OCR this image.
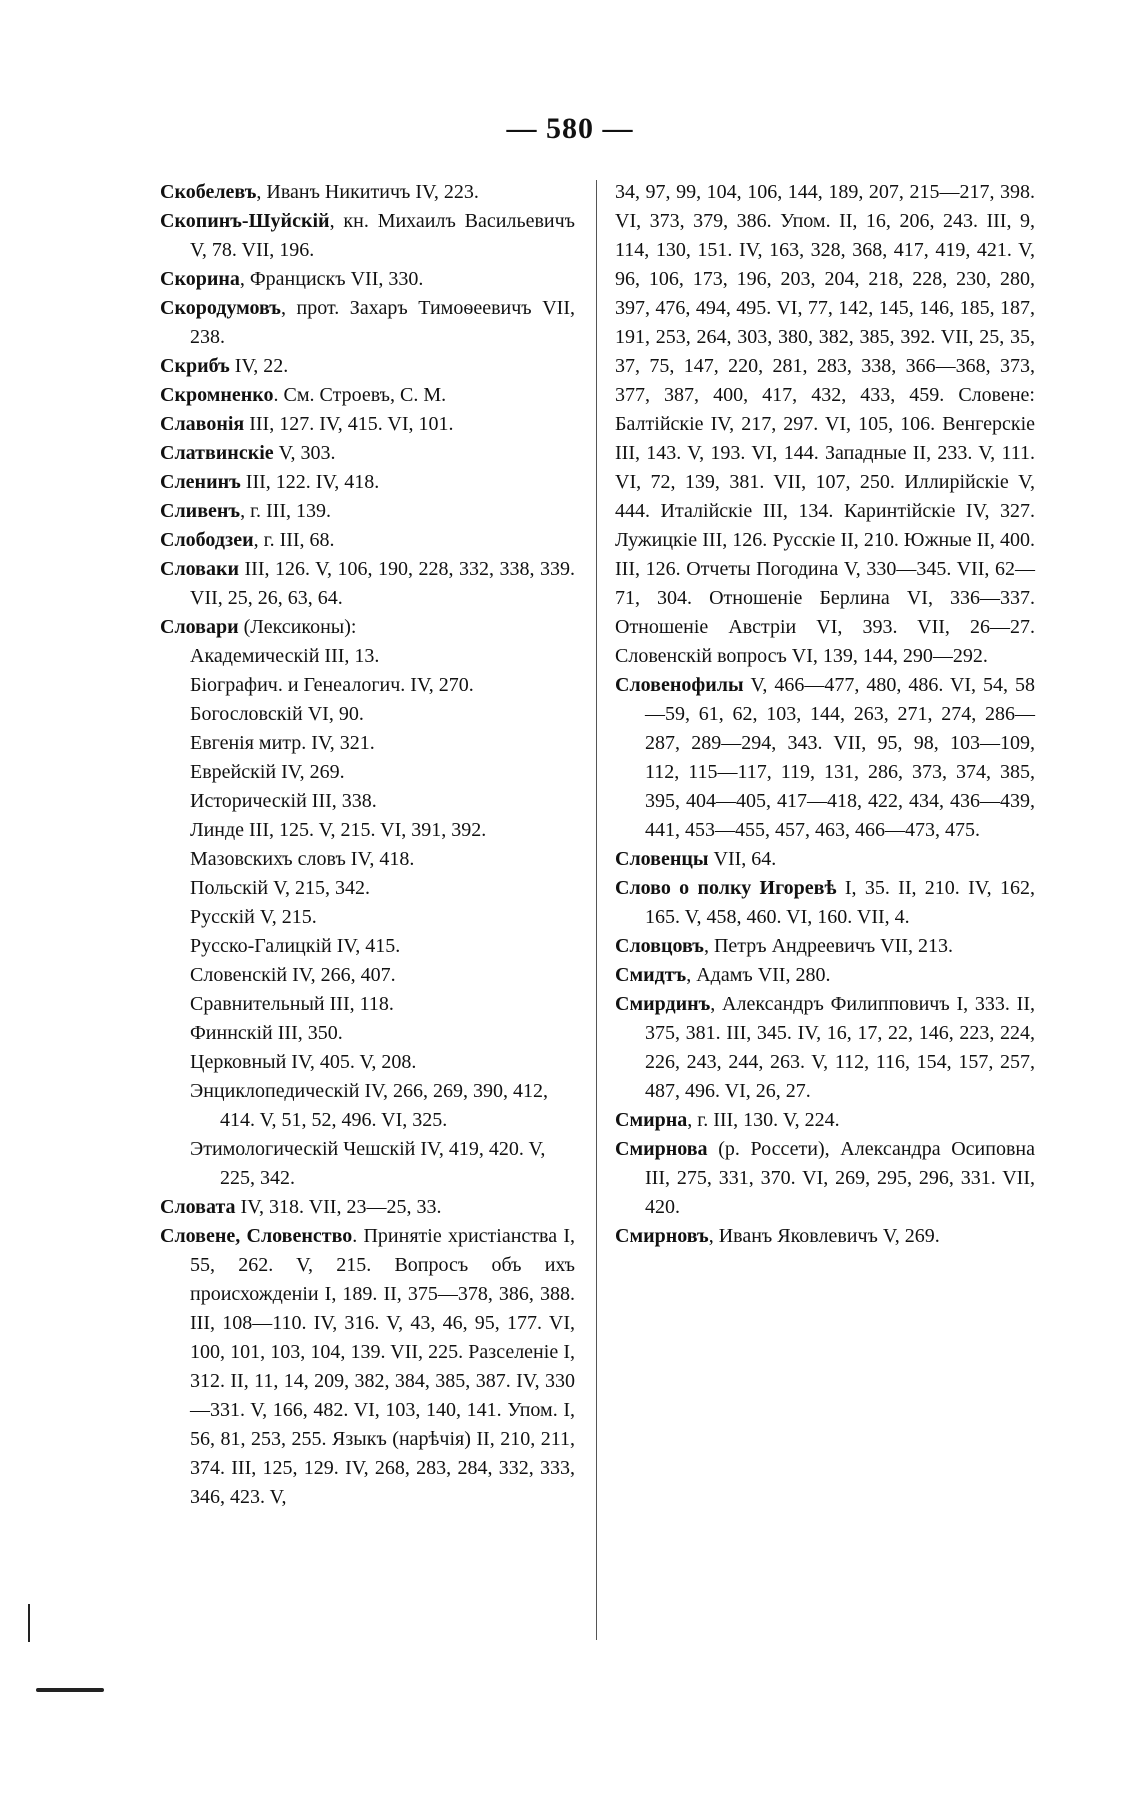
— 580 —
Скобелевъ, Иванъ Никитичъ IV, 223.
Скопинъ-Шуйскій, кн. Михаилъ Васильевичъ V, 78. VII, 196.
Скорина, Францискъ VII, 330.
Скородумовъ, прот. Захаръ Тимоѳеевичъ VII, 238.
Скрибъ IV, 22.
Скромненко. См. Строевъ, С. М.
Славонія III, 127. IV, 415. VI, 101.
Слатвинскіе V, 303.
Сленинъ III, 122. IV, 418.
Сливенъ, г. III, 139.
Слободзеи, г. III, 68.
Словаки III, 126. V, 106, 190, 228, 332, 338, 339. VII, 25, 26, 63, 64.
Словари (Лексиконы):
Академическій III, 13.
Біографич. и Генеалогич. IV, 270.
Богословскій VI, 90.
Евгенія митр. IV, 321.
Еврейскій IV, 269.
Историческій III, 338.
Линде III, 125. V, 215. VI, 391, 392.
Мазовскихъ словъ IV, 418.
Польскій V, 215, 342.
Русскій V, 215.
Русско-Галицкій IV, 415.
Словенскій IV, 266, 407.
Сравнительный III, 118.
Финнскій III, 350.
Церковный IV, 405. V, 208.
Энциклопедическій IV, 266, 269, 390, 412, 414. V, 51, 52, 496. VI, 325.
Этимологическій Чешскій IV, 419, 420. V, 225, 342.
Словата IV, 318. VII, 23—25, 33.
Словене, Словенство. Принятіе христіанства I, 55, 262. V, 215. Вопросъ объ ихъ происхожденіи I, 189. II, 375—378, 386, 388. III, 108—110. IV, 316. V, 43, 46, 95, 177. VI, 100, 101, 103, 104, 139. VII, 225. Разселеніе I, 312. II, 11, 14, 209, 382, 384, 385, 387. IV, 330—331. V, 166, 482. VI, 103, 140, 141. Упом. I, 56, 81, 253, 255. Языкъ (нарѣчія) II, 210, 211, 374. III, 125, 129. IV, 268, 283, 284, 332, 333, 346, 423. V,
34, 97, 99, 104, 106, 144, 189, 207, 215—217, 398. VI, 373, 379, 386. Упом. II, 16, 206, 243. III, 9, 114, 130, 151. IV, 163, 328, 368, 417, 419, 421. V, 96, 106, 173, 196, 203, 204, 218, 228, 230, 280, 397, 476, 494, 495. VI, 77, 142, 145, 146, 185, 187, 191, 253, 264, 303, 380, 382, 385, 392. VII, 25, 35, 37, 75, 147, 220, 281, 283, 338, 366—368, 373, 377, 387, 400, 417, 432, 433, 459. Словене: Балтійскіе IV, 217, 297. VI, 105, 106. Венгерскіе III, 143. V, 193. VI, 144. Западные II, 233. V, 111. VI, 72, 139, 381. VII, 107, 250. Иллирійскіе V, 444. Италійскіе III, 134. Каринтійскіе IV, 327. Лужицкіе III, 126. Русскіе II, 210. Южные II, 400. III, 126. Отчеты Погодина V, 330—345. VII, 62—71, 304. Отношеніе Берлина VI, 336—337. Отношеніе Австріи VI, 393. VII, 26—27. Словенскій вопросъ VI, 139, 144, 290—292.
Словенофилы V, 466—477, 480, 486. VI, 54, 58—59, 61, 62, 103, 144, 263, 271, 274, 286—287, 289—294, 343. VII, 95, 98, 103—109, 112, 115—117, 119, 131, 286, 373, 374, 385, 395, 404—405, 417—418, 422, 434, 436—439, 441, 453—455, 457, 463, 466—473, 475.
Словенцы VII, 64.
Слово о полку Игоревѣ I, 35. II, 210. IV, 162, 165. V, 458, 460. VI, 160. VII, 4.
Словцовъ, Петръ Андреевичъ VII, 213.
Смидтъ, Адамъ VII, 280.
Смирдинъ, Александръ Филипповичъ I, 333. II, 375, 381. III, 345. IV, 16, 17, 22, 146, 223, 224, 226, 243, 244, 263. V, 112, 116, 154, 157, 257, 487, 496. VI, 26, 27.
Смирна, г. III, 130. V, 224.
Смирнова (р. Россети), Александра Осиповна III, 275, 331, 370. VI, 269, 295, 296, 331. VII, 420.
Смирновъ, Иванъ Яковлевичъ V, 269.
